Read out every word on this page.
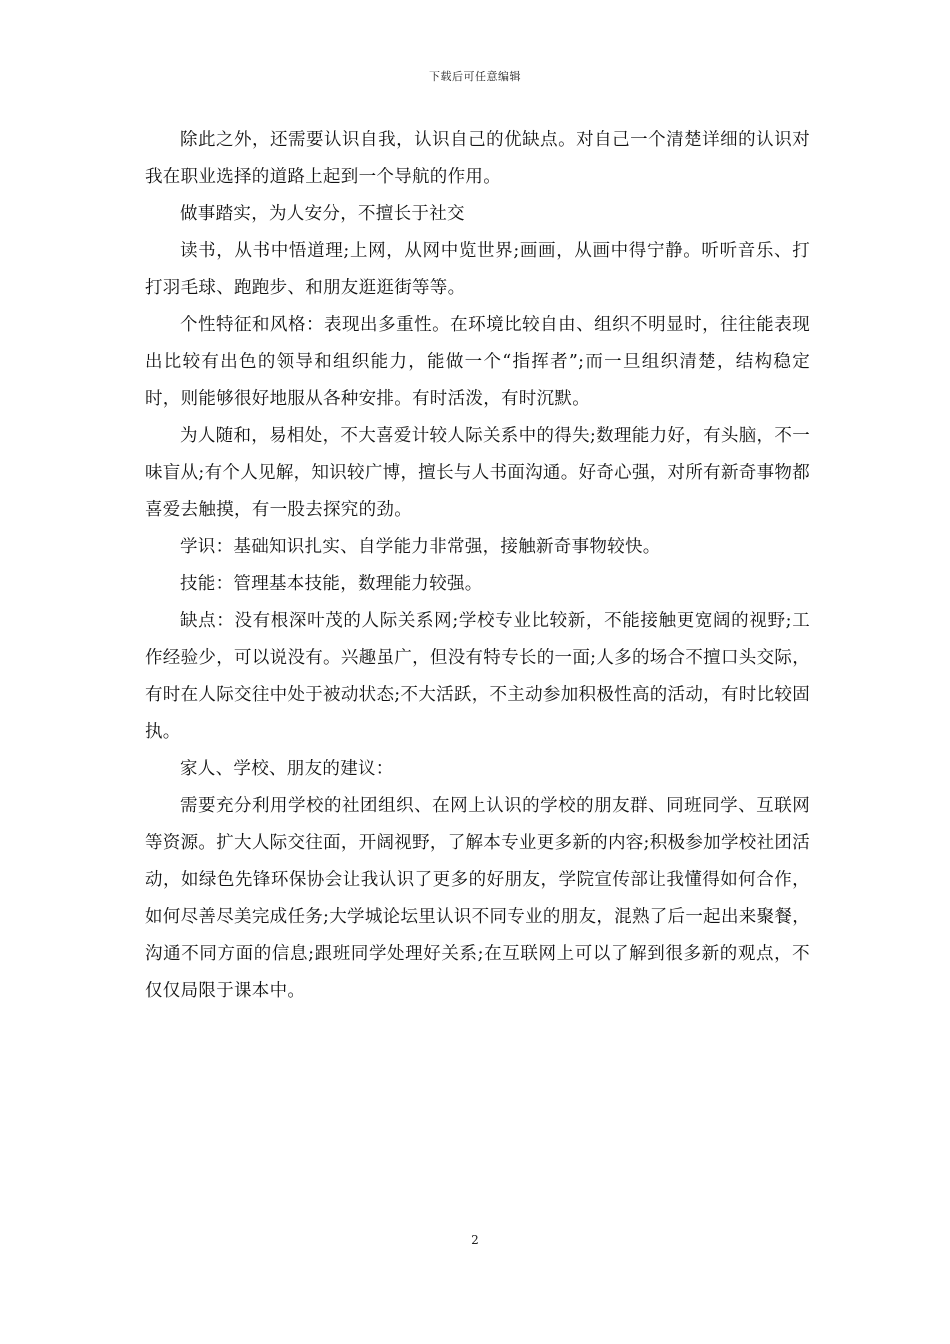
下载后可任意编辑

除此之外，还需要认识自我，认识自己的优缺点。对自己一个清楚详细的认识对我在职业选择的道路上起到一个导航的作用。

做事踏实，为人安分，不擅长于社交

读书，从书中悟道理;上网，从网中览世界;画画，从画中得宁静。听听音乐、打打羽毛球、跑跑步、和朋友逛逛街等等。

个性特征和风格：表现出多重性。在环境比较自由、组织不明显时，往往能表现出比较有出色的领导和组织能力，能做一个“指挥者”;而一旦组织清楚，结构稳定时，则能够很好地服从各种安排。有时活泼，有时沉默。

为人随和，易相处，不大喜爱计较人际关系中的得失;数理能力好，有头脑，不一味盲从;有个人见解，知识较广博，擅长与人书面沟通。好奇心强，对所有新奇事物都喜爱去触摸，有一股去探究的劲。

学识：基础知识扎实、自学能力非常强，接触新奇事物较快。

技能：管理基本技能，数理能力较强。

缺点：没有根深叶茂的人际关系网;学校专业比较新，不能接触更宽阔的视野;工作经验少，可以说没有。兴趣虽广，但没有特专长的一面;人多的场合不擅口头交际，有时在人际交往中处于被动状态;不大活跃，不主动参加积极性高的活动，有时比较固执。

家人、学校、朋友的建议：

需要充分利用学校的社团组织、在网上认识的学校的朋友群、同班同学、互联网等资源。扩大人际交往面，开阔视野，了解本专业更多新的内容;积极参加学校社团活动，如绿色先锋环保协会让我认识了更多的好朋友，学院宣传部让我懂得如何合作，如何尽善尽美完成任务;大学城论坛里认识不同专业的朋友，混熟了后一起出来聚餐，沟通不同方面的信息;跟班同学处理好关系;在互联网上可以了解到很多新的观点，不仅仅局限于课本中。

2
